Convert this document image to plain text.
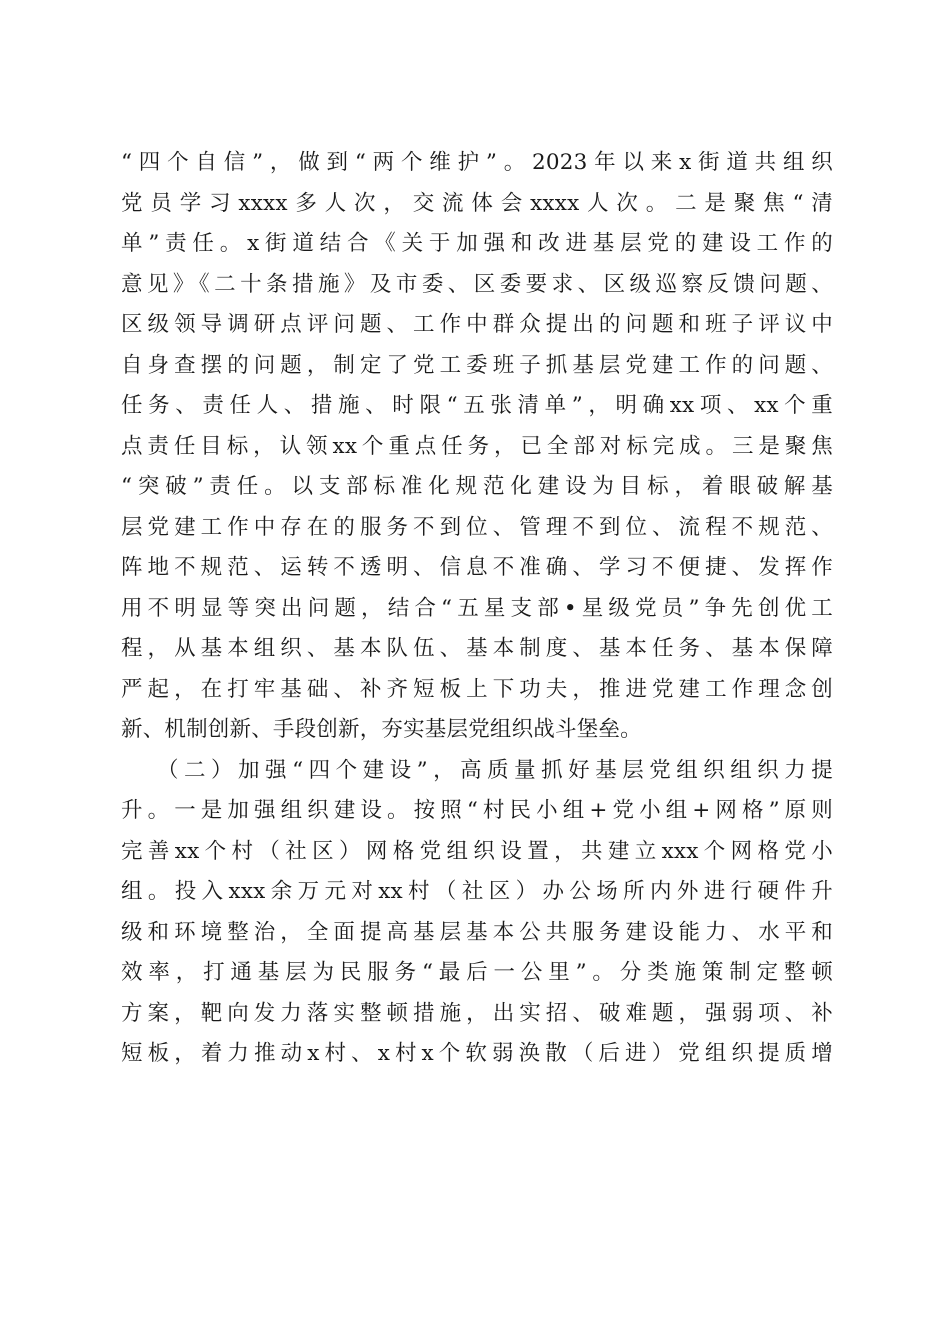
“四个自信”，做到“两个维护”。2023年以来x街道共组织
党员学习xxxx多人次，交流体会xxxx人次。二是聚焦“清
单”责任。x街道结合《关于加强和改进基层党的建设工作的
意见》《二十条措施》及市委、区委要求、区级巡察反馈问题、
区级领导调研点评问题、工作中群众提出的问题和班子评议中
自身查摆的问题，制定了党工委班子抓基层党建工作的问题、
任务、责任人、措施、时限“五张清单”，明确xx项、xx个重
点责任目标，认领xx个重点任务，已全部对标完成。三是聚焦
“突破”责任。以支部标准化规范化建设为目标，着眼破解基
层党建工作中存在的服务不到位、管理不到位、流程不规范、
阵地不规范、运转不透明、信息不准确、学习不便捷、发挥作
用不明显等突出问题，结合“五星支部•星级党员”争先创优工
程，从基本组织、基本队伍、基本制度、基本任务、基本保障
严起，在打牢基础、补齐短板上下功夫，推进党建工作理念创
新、机制创新、手段创新，夯实基层党组织战斗堡垒。
（二）加强“四个建设”，高质量抓好基层党组织组织力提
升。一是加强组织建设。按照“村民小组+党小组+网格”原则
完善xx个村（社区）网格党组织设置，共建立xxx个网格党小
组。投入xxx余万元对xx村（社区）办公场所内外进行硬件升
级和环境整治，全面提高基层基本公共服务建设能力、水平和
效率，打通基层为民服务“最后一公里”。分类施策制定整顿
方案，靶向发力落实整顿措施，出实招、破难题，强弱项、补
短板，着力推动x村、x村x个软弱涣散（后进）党组织提质增
